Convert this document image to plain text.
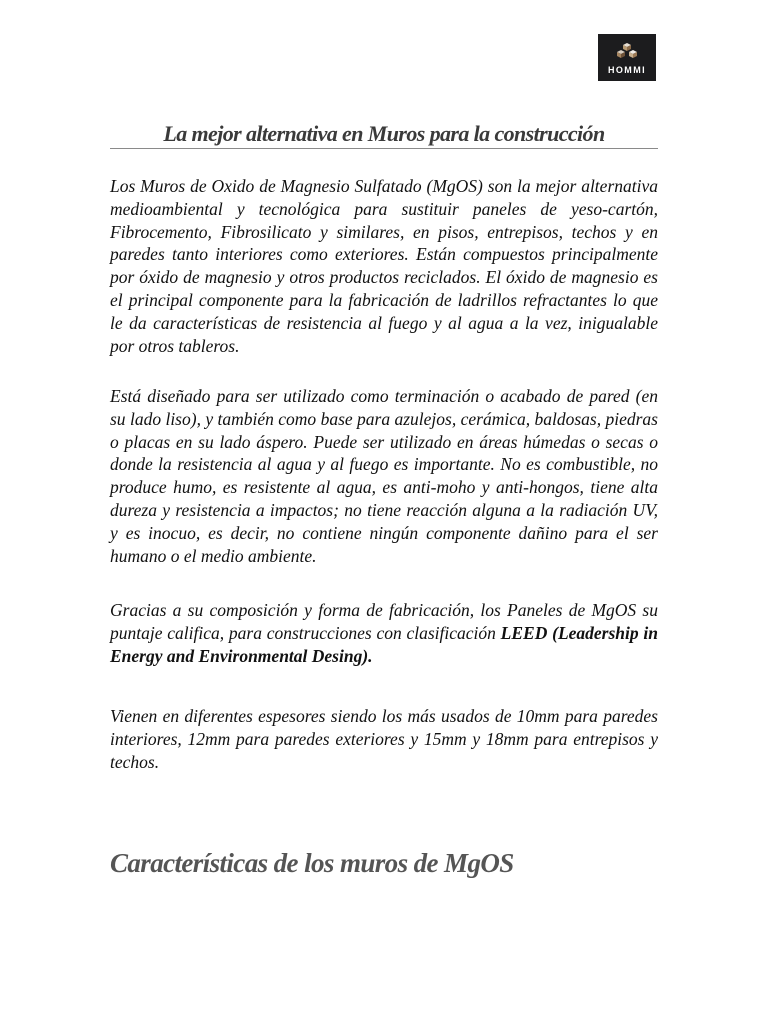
HOMMI
La mejor alternativa en Muros para la construcción

Los Muros de Oxido de Magnesio Sulfatado (MgOS) son la mejor alternativa medioambiental y tecnológica para sustituir paneles de yeso-cartón, Fibrocemento, Fibrosilicato y similares, en pisos, entrepisos, techos y en paredes tanto interiores como exteriores. Están compuestos principalmente por óxido de magnesio y otros productos reciclados. El óxido de magnesio es el principal componente para la fabricación de ladrillos refractantes lo que le da características de resistencia al fuego y al agua a la vez, inigualable por otros tableros.

Está diseñado para ser utilizado como terminación o acabado de pared (en su lado liso), y también como base para azulejos, cerámica, baldosas, piedras o placas en su lado áspero. Puede ser utilizado en áreas húmedas o secas o donde la resistencia al agua y al fuego es importante. No es combustible, no produce humo, es resistente al agua, es anti-moho y anti-hongos, tiene alta dureza y resistencia a impactos; no tiene reacción alguna a la radiación UV, y es inocuo, es decir, no contiene ningún componente dañino para el ser humano o el medio ambiente.

Gracias a su composición y forma de fabricación, los Paneles de MgOS su puntaje califica, para construcciones con clasificación LEED (Leadership in Energy and Environmental Desing).

Vienen en diferentes espesores siendo los más usados de 10mm para paredes interiores, 12mm para paredes exteriores y 15mm y 18mm para entrepisos y techos.

Características de los muros de MgOS
